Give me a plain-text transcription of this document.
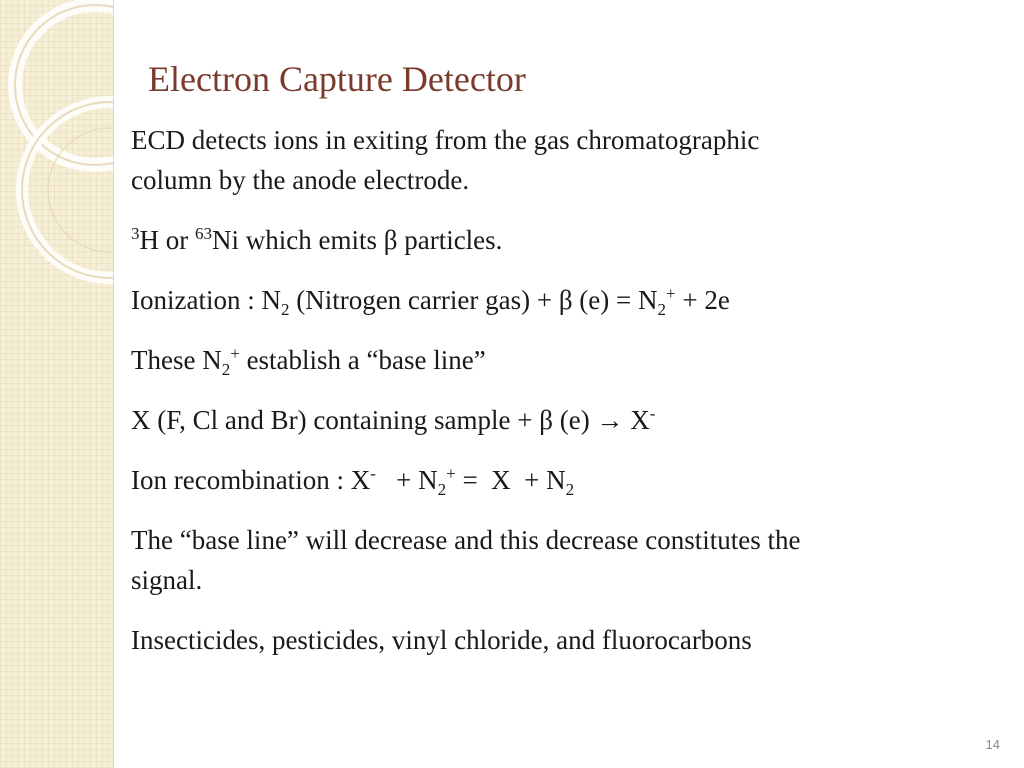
Electron Capture Detector
ECD detects ions in exiting from the gas chromatographic
column by the anode electrode.
$^3$H or $^{63}$Ni which emits β particles.
Ionization : $N_2$ (Nitrogen carrier gas) + β $(e) = N_2^+ + 2e$
These $N_2^+$ establish a “base line”
X (F, Cl and Br) containing sample + β (e) → X-
Ion recombination : $X^- + N_2^+ = X + N_2$
The “base line” will decrease and this decrease constitutes the
signal.
Insecticides, pesticides, vinyl chloride, and fluorocarbons
14
